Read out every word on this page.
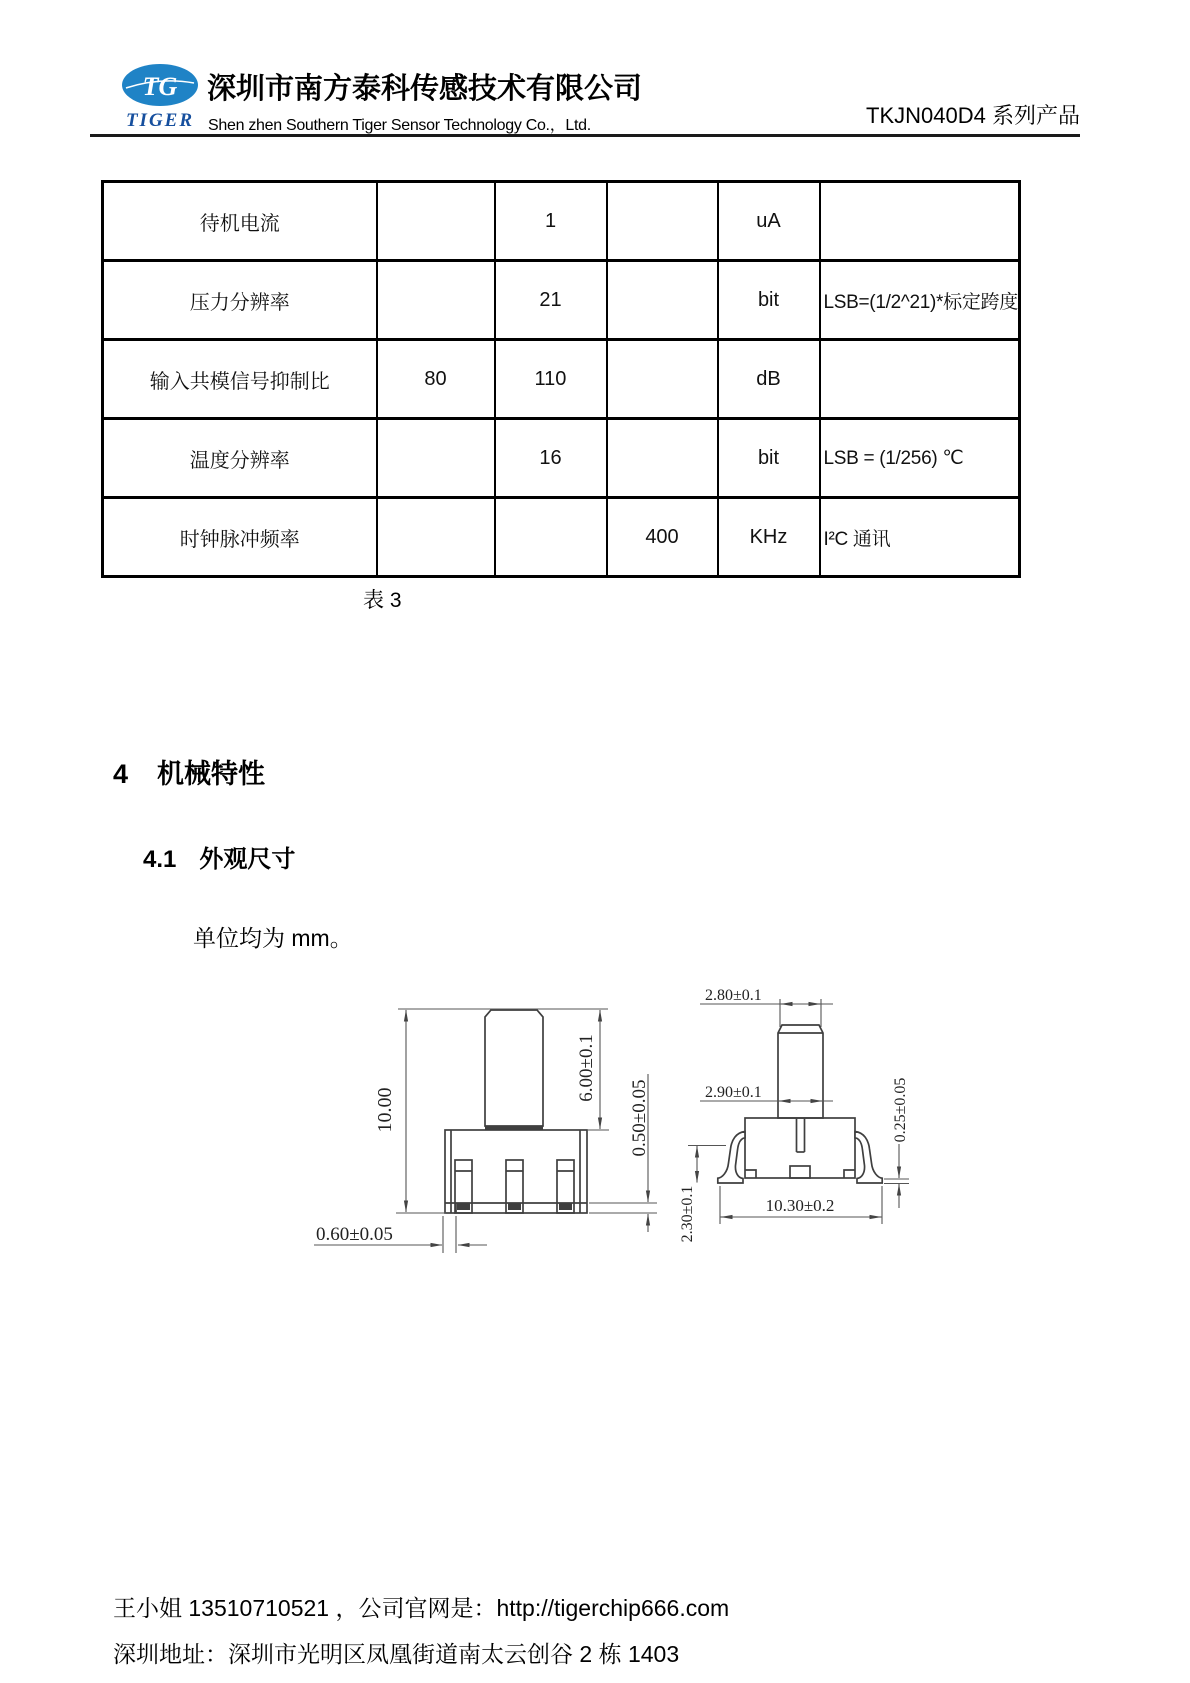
TG
TIGER
深圳市南方泰科传感技术有限公司
Shen zhen Southern Tiger Sensor Technology Co.，Ltd.	TKJN040D4 系列产品
待机电流		1		uA	
压力分辨率		21		bit	LSB=(1/2^21)*标定跨度
输入共模信号抑制比	80	110		dB	
温度分辨率		16		bit	LSB = (1/256) ℃
时钟脉冲频率			400	KHz	I²C 通讯
表 3
4 机械特性
4.1 外观尺寸
单位均为 mm。
10.00
6.00±0.1
0.50±0.05
0.60±0.05
2.80±0.1
2.90±0.1	0.25±0.05
2.30±0.1	10.30±0.2
王小姐 13510710521 ，公司官网是：http://tigerchip666.com
深圳地址：深圳市光明区凤凰街道南太云创谷 2 栋 1403
